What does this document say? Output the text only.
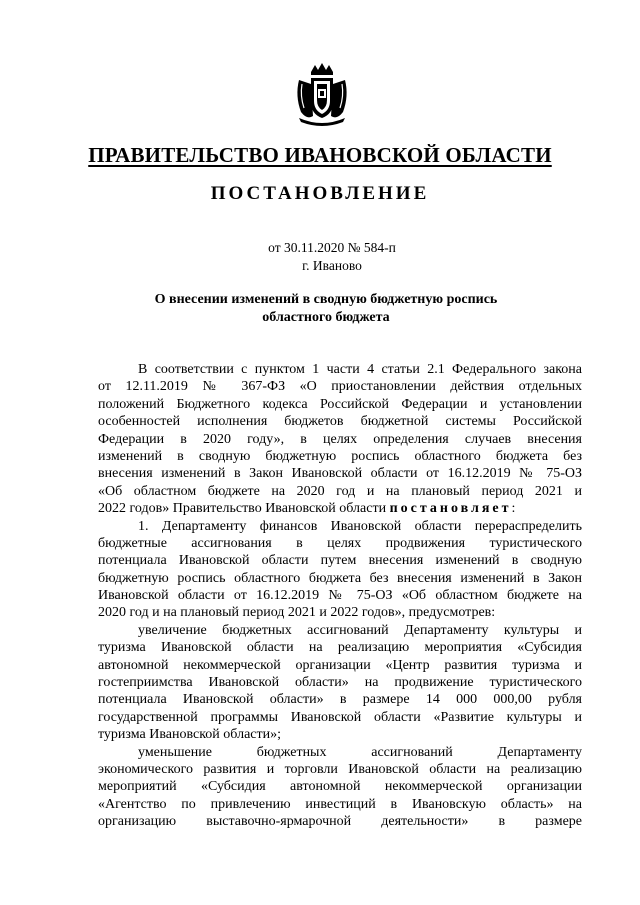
ПРАВИТЕЛЬСТВО ИВАНОВСКОЙ ОБЛАСТИ
ПОСТАНОВЛЕНИЕ
от 30.11.2020 № 584-п
г. Иваново
О внесении изменений в сводную бюджетную роспись
областного бюджета
В соответствии с пунктом 1 части 4 статьи 2.1 Федерального закона
от 12.11.2019 № 367-ФЗ «О приостановлении действия отдельных
положений Бюджетного кодекса Российской Федерации и установлении
особенностей исполнения бюджетов бюджетной системы Российской
Федерации в 2020 году», в целях определения случаев внесения
изменений в сводную бюджетную роспись областного бюджета без
внесения изменений в Закон Ивановской области от 16.12.2019 № 75-ОЗ
«Об областном бюджете на 2020 год и на плановый период 2021 и
2022 годов» Правительство Ивановской области постановляет:
1. Департаменту финансов Ивановской области перераспределить
бюджетные ассигнования в целях продвижения туристического
потенциала Ивановской области путем внесения изменений в сводную
бюджетную роспись областного бюджета без внесения изменений в Закон
Ивановской области от 16.12.2019 № 75-ОЗ «Об областном бюджете на
2020 год и на плановый период 2021 и 2022 годов», предусмотрев:
увеличение бюджетных ассигнований Департаменту культуры и
туризма Ивановской области на реализацию мероприятия «Субсидия
автономной некоммерческой организации «Центр развития туризма и
гостеприимства Ивановской области» на продвижение туристического
потенциала Ивановской области» в размере 14 000 000,00 рубля
государственной программы Ивановской области «Развитие культуры и
туризма Ивановской области»;
уменьшение бюджетных ассигнований Департаменту
экономического развития и торговли Ивановской области на реализацию
мероприятий «Субсидия автономной некоммерческой организации
«Агентство по привлечению инвестиций в Ивановскую область» на
организацию выставочно-ярмарочной деятельности» в размере
